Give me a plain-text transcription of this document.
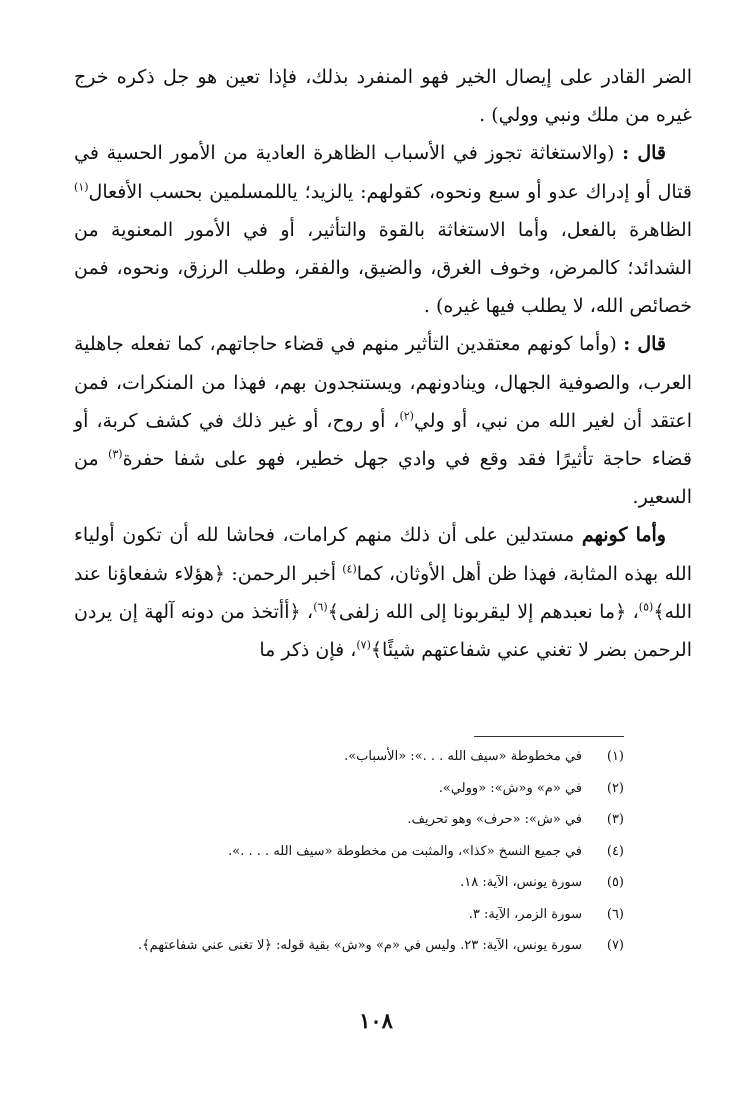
الضر القادر على إيصال الخير فهو المنفرد بذلك، فإذا تعين هو جل ذكره خرج غيره من ملك ونبي وولي) .

قال : (والاستغاثة تجوز في الأسباب الظاهرة العادية من الأمور الحسية في قتال أو إدراك عدو أو سبع ونحوه، كقولهم: يالزيد؛ ياللمسلمين بحسب الأفعال$^{(١)}$ الظاهرة بالفعل، وأما الاستغاثة بالقوة والتأثير، أو في الأمور المعنوية من الشدائد؛ كالمرض، وخوف الغرق، والضيق، والفقر، وطلب الرزق، ونحوه، فمن خصائص الله، لا يطلب فيها غيره) .

قال : (وأما كونهم معتقدين التأثير منهم في قضاء حاجاتهم، كما تفعله جاهلية العرب، والصوفية الجهال، وينادونهم، ويستنجدون بهم، فهذا من المنكرات، فمن اعتقد أن لغير الله من نبي، أو ولي$^{(٢)}$، أو روح، أو غير ذلك في كشف كربة، أو قضاء حاجة تأثيرًا فقد وقع في وادي جهل خطير، فهو على شفا حفرة$^{(٣)}$ من السعير.

وأما كونهم مستدلين على أن ذلك منهم كرامات، فحاشا لله أن تكون أولياء الله بهذه المثابة، فهذا ظن أهل الأوثان، كما$^{(٤)}$ أخبر الرحمن: ﴿هؤلاء شفعاؤنا عند الله﴾$^{(٥)}$، ﴿ما نعبدهم إلا ليقربونا إلى الله زلفى﴾$^{(٦)}$، ﴿أأتخذ من دونه آلهة إن يردن الرحمن بضر لا تغني عني شفاعتهم شيئًا﴾$^{(٧)}$، فإن ذكر ما

(١)
في مخطوطة «سيف الله . . .»: «الأسباب».
(٢)
في «م» و«ش»: «وولي».
(٣)
في «ش»: «حرف» وهو تحريف.
(٤)
في جميع النسخ «كذا»، والمثبت من مخطوطة «سيف الله . . . .».
(٥)
سورة يونس، الآية: ١٨.
(٦)
سورة الزمر، الآية: ٣.
(٧)
سورة يونس، الآية: ٢٣. وليس في «م» و«ش» بقية قوله: ﴿لا تغنى عني شفاعتهم﴾.
١٠٨
